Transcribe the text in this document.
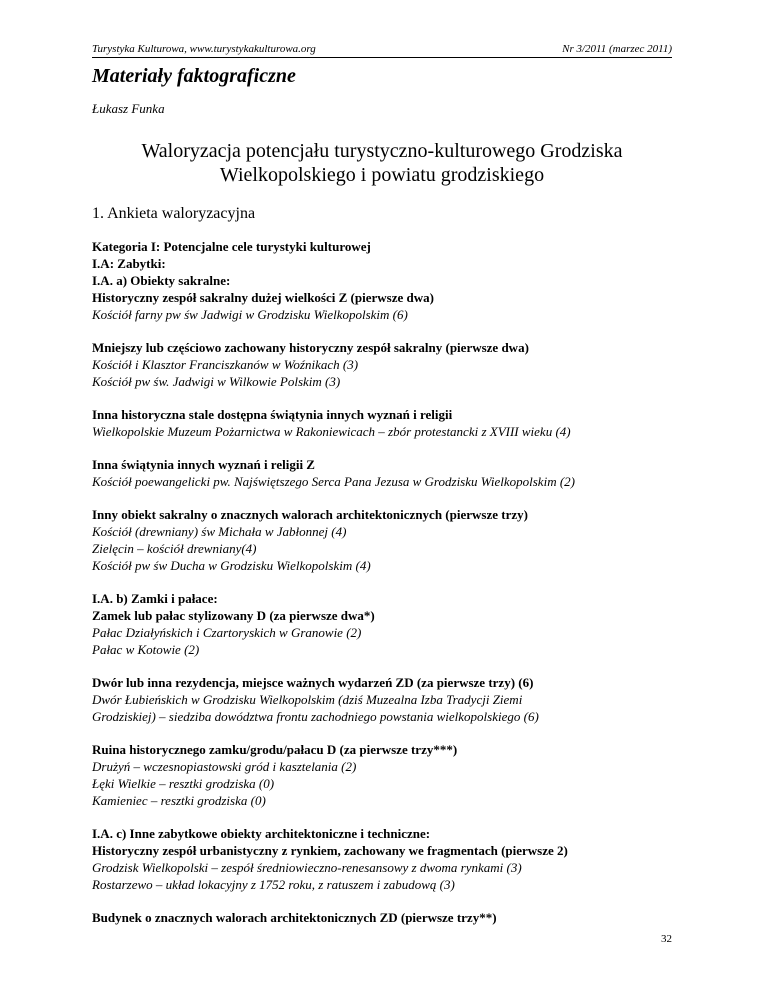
Turystyka Kulturowa, www.turystykakulturowa.org	Nr 3/2011 (marzec 2011)
Materiały faktograficzne
Łukasz Funka
Waloryzacja potencjału turystyczno-kulturowego Grodziska
Wielkopolskiego i powiatu grodziskiego
1. Ankieta waloryzacyjna
Kategoria I: Potencjalne cele turystyki kulturowej
I.A: Zabytki:
I.A. a) Obiekty sakralne:
Historyczny zespół sakralny dużej wielkości Z (pierwsze dwa)
Kościół farny pw św Jadwigi w Grodzisku Wielkopolskim (6)
Mniejszy lub częściowo zachowany historyczny zespół sakralny (pierwsze dwa)
Kościół i Klasztor Franciszkanów w Woźnikach (3)
Kościół pw św. Jadwigi w Wilkowie Polskim (3)
Inna historyczna stale dostępna świątynia innych wyznań i religii
Wielkopolskie Muzeum Pożarnictwa w Rakoniewicach – zbór protestancki z XVIII wieku (4)
Inna świątynia innych wyznań i religii Z
Kościół poewangelicki pw. Najświętszego Serca Pana Jezusa w Grodzisku Wielkopolskim (2)
Inny obiekt sakralny o znacznych walorach architektonicznych (pierwsze trzy)
Kościół (drewniany) św Michała w Jabłonnej (4)
Zielęcin – kościół drewniany(4)
Kościół pw św Ducha w Grodzisku Wielkopolskim (4)
I.A. b) Zamki i pałace:
Zamek lub pałac stylizowany D (za pierwsze dwa*)
Pałac Działyńskich i Czartoryskich w Granowie (2)
Pałac w Kotowie (2)
Dwór lub inna rezydencja, miejsce ważnych wydarzeń ZD (za pierwsze trzy) (6)
Dwór Łubieńskich w Grodzisku Wielkopolskim (dziś Muzealna Izba Tradycji Ziemi
Grodziskiej) – siedziba dowództwa frontu zachodniego powstania wielkopolskiego (6)
Ruina historycznego zamku/grodu/pałacu D (za pierwsze trzy***)
Drużyń – wczesnopiastowski gród i kasztelania (2)
Łęki Wielkie – resztki grodziska (0)
Kamieniec – resztki grodziska (0)
I.A. c) Inne zabytkowe obiekty architektoniczne i techniczne:
Historyczny zespół urbanistyczny z rynkiem, zachowany we fragmentach (pierwsze 2)
Grodzisk Wielkopolski – zespół średniowieczno-renesansowy z dwoma rynkami (3)
Rostarzewo – układ lokacyjny z 1752 roku, z ratuszem i zabudową (3)
Budynek o znacznych walorach architektonicznych ZD (pierwsze trzy**)
32
